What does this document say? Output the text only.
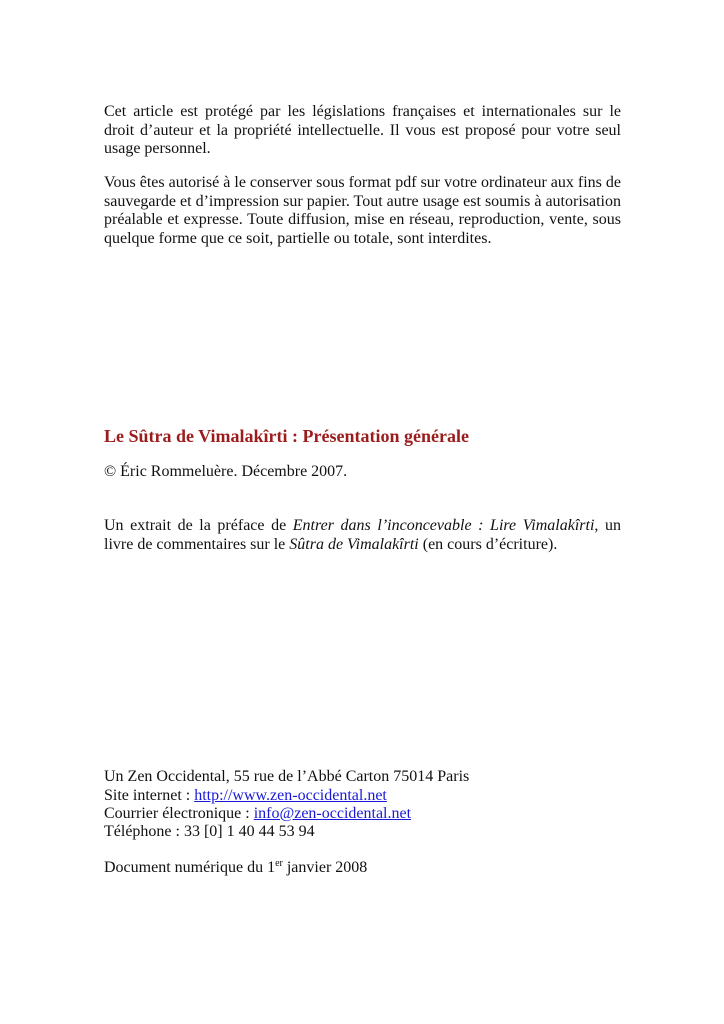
Cet article est protégé par les législations françaises et internationales sur le droit d’auteur et la propriété intellectuelle. Il vous est proposé pour votre seul usage personnel.

Vous êtes autorisé à le conserver sous format pdf sur votre ordinateur aux fins de sauvegarde et d’impression sur papier. Tout autre usage est soumis à autorisation préalable et expresse. Toute diffusion, mise en réseau, reproduction, vente, sous quelque forme que ce soit, partielle ou totale, sont interdites.

Le Sûtra de Vimalakîrti : Présentation générale

© Éric Rommeluère. Décembre 2007.

Un extrait de la préface de Entrer dans l’inconcevable : Lire Vimalakîrti, un livre de commentaires sur le Sûtra de Vimalakîrti (en cours d’écriture).

Un Zen Occidental, 55 rue de l’Abbé Carton 75014 Paris

Site internet : http://www.zen-occidental.net

Courrier électronique : info@zen-occidental.net

Téléphone : 33 [0] 1 40 44 53 94

Document numérique du 1er janvier 2008
